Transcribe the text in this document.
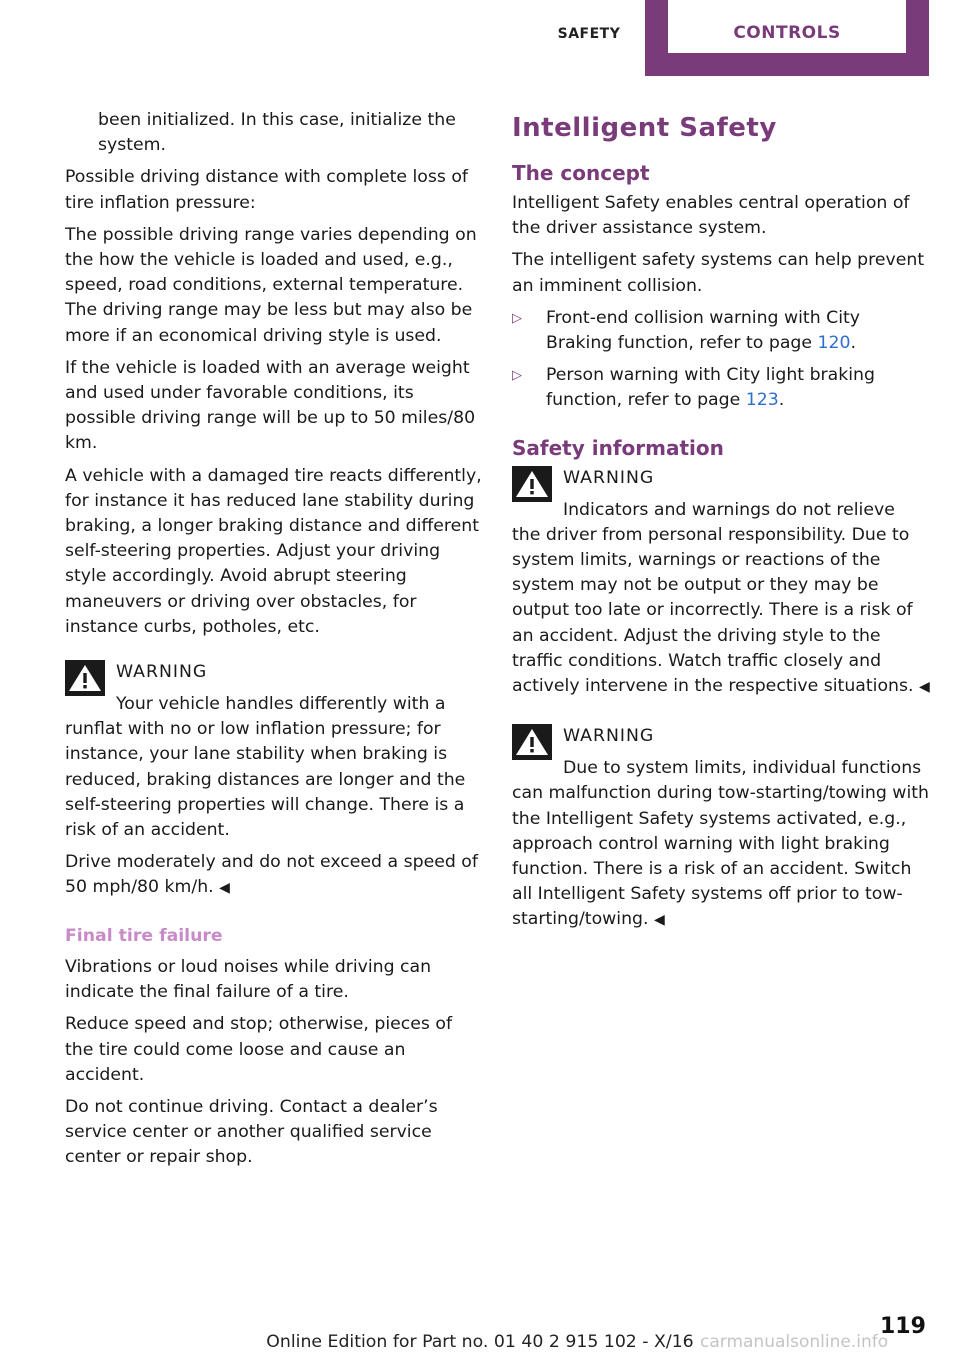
SAFETY	CONTROLS

been initialized. In this case, initialize the system.

Possible driving distance with complete loss of tire inflation pressure:

The possible driving range varies depending on the how the vehicle is loaded and used, e.g., speed, road conditions, external temperature. The driving range may be less but may also be more if an economical driving style is used.

If the vehicle is loaded with an average weight and used under favorable conditions, its possible driving range will be up to 50 miles/80 km.

A vehicle with a damaged tire reacts differently, for instance it has reduced lane stability during braking, a longer braking distance and different self-steering properties. Adjust your driving style accordingly. Avoid abrupt steering maneuvers or driving over obstacles, for instance curbs, potholes, etc.

WARNING

Your vehicle handles differently with a

runflat with no or low inflation pressure; for instance, your lane stability when braking is reduced, braking distances are longer and the self-steering properties will change. There is a risk of an accident.

Drive moderately and do not exceed a speed of 50 mph/80 km/h. ◀

Final tire failure

Vibrations or loud noises while driving can indicate the final failure of a tire.

Reduce speed and stop; otherwise, pieces of the tire could come loose and cause an accident.

Do not continue driving. Contact a dealer’s service center or another qualified service center or repair shop.

Intelligent Safety
The concept

Intelligent Safety enables central operation of the driver assistance system.

The intelligent safety systems can help prevent an imminent collision.

▷ Front-end collision warning with City Braking function, refer to page 120.
▷ Person warning with City light braking function, refer to page 123.
Safety information
WARNING

Indicators and warnings do not relieve

the driver from personal responsibility. Due to system limits, warnings or reactions of the system may not be output or they may be output too late or incorrectly. There is a risk of an accident. Adjust the driving style to the traffic conditions. Watch traffic closely and actively intervene in the respective situations. ◀

WARNING

Due to system limits, individual functions

can malfunction during tow-starting/towing with the Intelligent Safety systems activated, e.g., approach control warning with light braking function. There is a risk of an accident. Switch all Intelligent Safety systems off prior to tow-starting/towing. ◀

119
Online Edition for Part no. 01 40 2 915 102 - X/16 carmanualsonline.info
